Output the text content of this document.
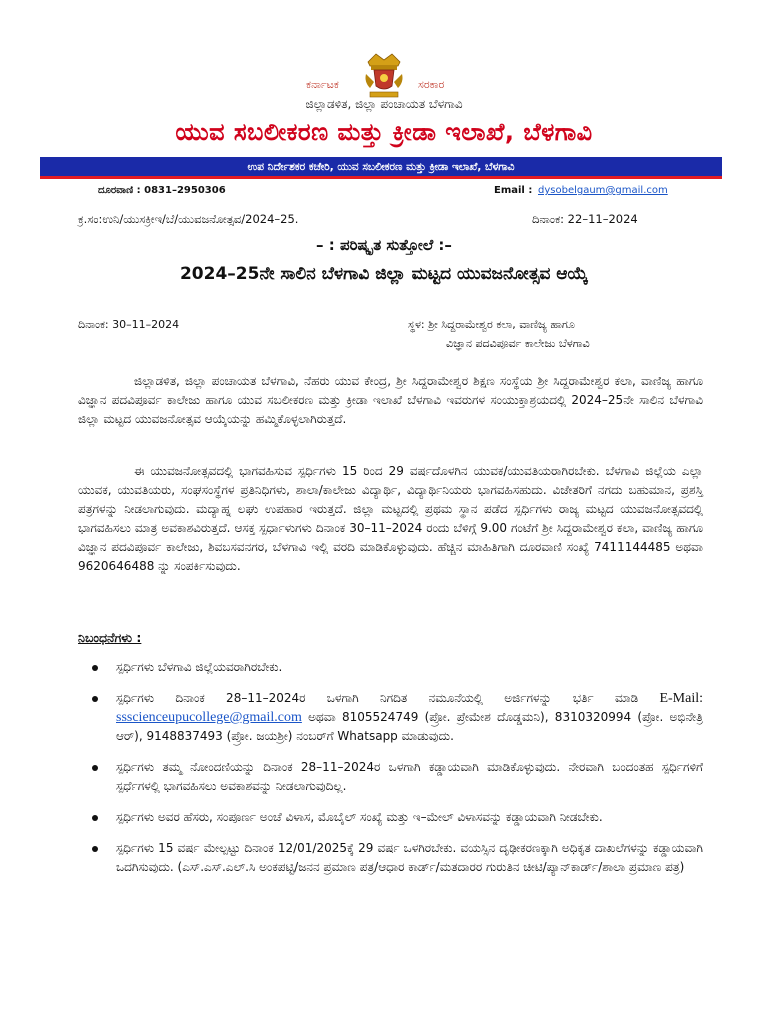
ಕರ್ನಾಟಕ	ಸರಕಾರ
ಜಿಲ್ಲಾಡಳಿತ, ಜಿಲ್ಲಾ ಪಂಚಾಯತ ಬೆಳಗಾವಿ
ಯುವ ಸಬಲೀಕರಣ ಮತ್ತು ಕ್ರೀಡಾ ಇಲಾಖೆ, ಬೆಳಗಾವಿ
ಉಪ ನಿರ್ದೇಶಕರ ಕಚೇರಿ, ಯುವ ಸಬಲೀಕರಣ ಮತ್ತು ಕ್ರೀಡಾ ಇಲಾಖೆ, ಬೆಳಗಾವಿ
ದೂರವಾಣಿ : 0831–2950306	Email : dysobelgaum@gmail.com
ಕ್ರ.ಸಂ:ಉನಿ/ಯುಸಕ್ರೀಇ/ಬೆ/ಯುವಜನೋತ್ಸವ/2024–25.	ದಿನಾಂಕ: 22–11–2024
– : ಪರಿಷ್ಕೃತ ಸುತ್ತೋಲೆ :–
2024–25ನೇ ಸಾಲಿನ ಬೆಳಗಾವಿ ಜಿಲ್ಲಾ ಮಟ್ಟದ ಯುವಜನೋತ್ಸವ ಆಯ್ಕೆ
ದಿನಾಂಕ: 30–11–2024	ಸ್ಥಳ: ಶ್ರೀ ಸಿದ್ದರಾಮೇಶ್ವರ ಕಲಾ, ವಾಣಿಜ್ಯ ಹಾಗೂ
ವಿಜ್ಞಾನ ಪದವಿಪೂರ್ವ ಕಾಲೇಜು ಬೆಳಗಾವಿ
ಜಿಲ್ಲಾಡಳಿತ, ಜಿಲ್ಲಾ ಪಂಚಾಯತ ಬೆಳಗಾವಿ, ನೆಹರು ಯುವ ಕೇಂದ್ರ, ಶ್ರೀ ಸಿದ್ದರಾಮೇಶ್ವರ ಶಿಕ್ಷಣ ಸಂಸ್ಥೆಯ ಶ್ರೀ ಸಿದ್ದರಾಮೇಶ್ವರ ಕಲಾ, ವಾಣಿಜ್ಯ ಹಾಗೂ ವಿಜ್ಞಾನ ಪದವಿಪೂರ್ವ ಕಾಲೇಜು ಹಾಗೂ ಯುವ ಸಬಲೀಕರಣ ಮತ್ತು ಕ್ರೀಡಾ ಇಲಾಖೆ ಬೆಳಗಾವಿ ಇವರುಗಳ ಸಂಯುಕ್ತಾಶ್ರಯದಲ್ಲಿ 2024–25ನೇ ಸಾಲಿನ ಬೆಳಗಾವಿ ಜಿಲ್ಲಾ ಮಟ್ಟದ ಯುವಜನೋತ್ಸವ ಆಯ್ಕೆಯನ್ನು ಹಮ್ಮಿಕೊಳ್ಳಲಾಗಿರುತ್ತದೆ.
ಈ ಯುವಜನೋತ್ಸವದಲ್ಲಿ ಭಾಗವಹಿಸುವ ಸ್ಪರ್ಧಿಗಳು 15 ರಿಂದ 29 ವರ್ಷದೊಳಗಿನ ಯುವಕ/ಯುವತಿಯರಾಗಿರಬೇಕು. ಬೆಳಗಾವಿ ಜಿಲ್ಲೆಯ ಎಲ್ಲಾ ಯುವಕ, ಯುವತಿಯರು, ಸಂಘಸಂಸ್ಥೆಗಳ ಪ್ರತಿನಿಧಿಗಳು, ಶಾಲಾ/ಕಾಲೇಜು ವಿದ್ಯಾರ್ಥಿ, ವಿದ್ಯಾರ್ಥಿನಿಯರು ಭಾಗವಹಿಸಹುದು. ವಿಜೇತರಿಗೆ ನಗದು ಬಹುಮಾನ, ಪ್ರಶಸ್ತಿ ಪತ್ರಗಳನ್ನು ನೀಡಲಾಗುವುದು. ಮದ್ಯಾಹ್ನ ಲಘು ಉಪಹಾರ ಇರುತ್ತದೆ. ಜಿಲ್ಲಾ ಮಟ್ಟದಲ್ಲಿ ಪ್ರಥಮ ಸ್ಥಾನ ಪಡೆದ ಸ್ಪರ್ಧಿಗಳು ರಾಜ್ಯ ಮಟ್ಟದ ಯುವಜನೋತ್ಸವದಲ್ಲಿ ಭಾಗವಹಿಸಲು ಮಾತ್ರ ಅವಕಾಶವಿರುತ್ತದೆ. ಆಸಕ್ತ ಸ್ಪರ್ಧಾಳುಗಳು ದಿನಾಂಕ 30–11–2024 ರಂದು ಬೆಳಿಗ್ಗೆ 9.00 ಗಂಟೆಗೆ ಶ್ರೀ ಸಿದ್ದರಾಮೇಶ್ವರ ಕಲಾ, ವಾಣಿಜ್ಯ ಹಾಗೂ ವಿಜ್ಞಾನ ಪದವಿಪೂರ್ವ ಕಾಲೇಜು, ಶಿವಬಸವನಗರ, ಬೆಳಗಾವಿ ಇಲ್ಲಿ ವರದಿ ಮಾಡಿಕೊಳ್ಳುವುದು. ಹೆಚ್ಚಿನ ಮಾಹಿತಿಗಾಗಿ ದೂರವಾಣಿ ಸಂಖ್ಯೆ 7411144485 ಅಥವಾ 9620646488 ನ್ನು ಸಂಪರ್ಕಿಸುವುದು.
ನಿಬಂಧನೆಗಳು :
ಸ್ಪರ್ಧಿಗಳು ಬೆಳಗಾವಿ ಜಿಲ್ಲೆಯವರಾಗಿರಬೇಕು.
ಸ್ಪರ್ಧಿಗಳು ದಿನಾಂಕ 28–11–2024ರ ಒಳಗಾಗಿ ನಿಗದಿತ ನಮೂನೆಯಲ್ಲಿ ಅರ್ಜಿಗಳನ್ನು ಭರ್ತಿ ಮಾಡಿ E-Mail: ssscienceupucollege@gmail.com ಅಥವಾ 8105524749 (ಪ್ರೋ. ಪ್ರೇಮೇಶ ದೊಡ್ಡಮನಿ), 8310320994 (ಪ್ರೋ. ಅಭಿನೇತ್ರಿ ಆರ್), 9148837493 (ಪ್ರೋ. ಜಯಶ್ರೀ) ನಂಬರ್‌ಗೆ Whatsapp ಮಾಡುವುದು.
ಸ್ಪರ್ಧಿಗಳು ತಮ್ಮ ನೋಂದಣಿಯನ್ನು ದಿನಾಂಕ 28–11–2024ರ ಒಳಗಾಗಿ ಕಡ್ಡಾಯವಾಗಿ ಮಾಡಿಕೊಳ್ಳುವುದು. ನೇರವಾಗಿ ಬಂದಂತಹ ಸ್ಪರ್ಧಿಗಳಿಗೆ ಸ್ಪರ್ಧೆಗಳಲ್ಲಿ ಭಾಗವಹಿಸಲು ಅವಕಾಶವನ್ನು ನೀಡಲಾಗುವುದಿಲ್ಲ.
ಸ್ಪರ್ಧಿಗಳು ಅವರ ಹೆಸರು, ಸಂಪೂರ್ಣ ಅಂಚೆ ವಿಳಾಸ, ಮೊಬೈಲ್ ಸಂಖ್ಯೆ ಮತ್ತು ಇ–ಮೇಲ್ ವಿಳಾಸವನ್ನು ಕಡ್ಡಾಯವಾಗಿ ನೀಡಬೇಕು.
ಸ್ಪರ್ಧಿಗಳು 15 ವರ್ಷ ಮೇಲ್ಪಟ್ಟು ದಿನಾಂಕ 12/01/2025ಕ್ಕೆ 29 ವರ್ಷ ಒಳಗಿರಬೇಕು. ವಯಸ್ಸಿನ ದೃಢೀಕರಣಕ್ಕಾಗಿ ಅಧಿಕೃತ ದಾಖಲೆಗಳನ್ನು ಕಡ್ಡಾಯವಾಗಿ ಒದಗಿಸುವುದು. (ಎಸ್.ಎಸ್.ಎಲ್.ಸಿ ಅಂಕಪಟ್ಟಿ/ಜನನ ಪ್ರಮಾಣ ಪತ್ರ/ಆಧಾರ ಕಾರ್ಡ್/ಮತದಾರರ ಗುರುತಿನ ಚೀಟಿ/ಪ್ಯಾನ್‌ಕಾರ್ಡ್/ಶಾಲಾ ಪ್ರಮಾಣ ಪತ್ರ)
